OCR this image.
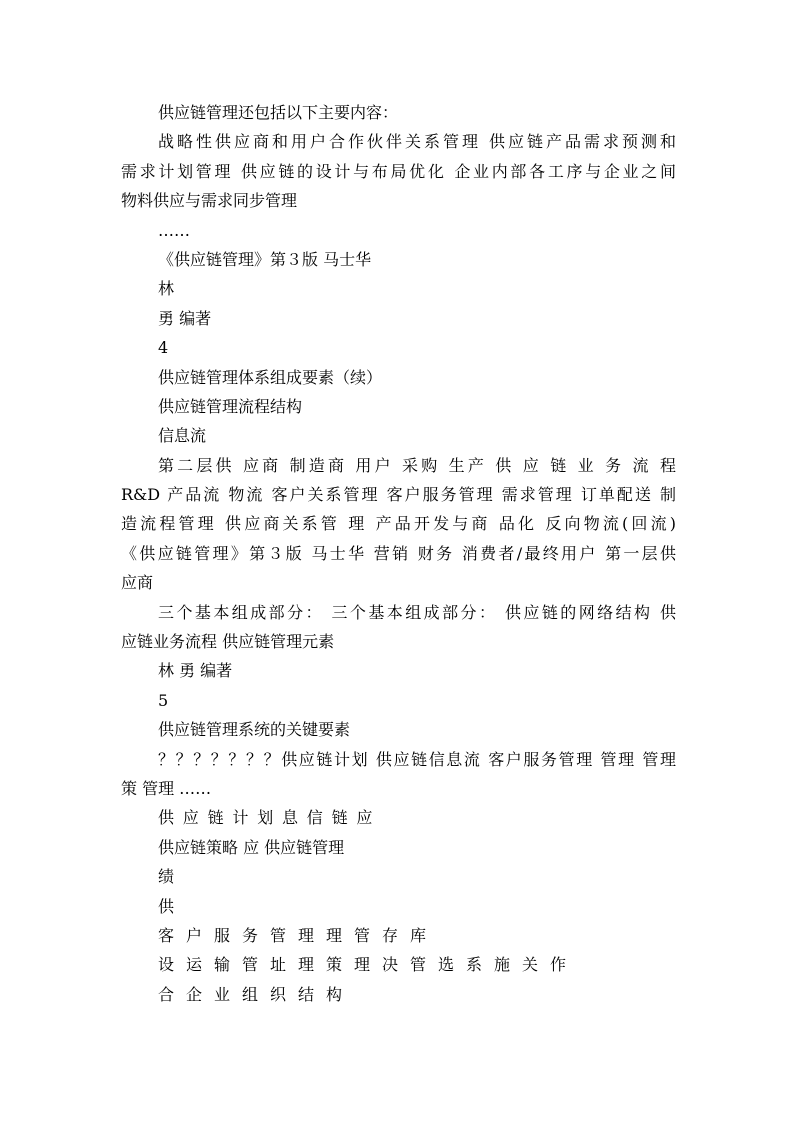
供应链管理还包括以下主要内容：
战略性供应商和用户合作伙伴关系管理 供应链产品需求预测和
需求计划管理 供应链的设计与布局优化 企业内部各工序与企业之间
物料供应与需求同步管理
……
《供应链管理》第３版 马士华
林
勇 编著
4
供应链管理体系组成要素（续）
供应链管理流程结构
信息流
第二层供 应商 制造商 用户 采购 生产 供 应 链 业 务 流 程
R&D 产品流 物流 客户关系管理 客户服务管理 需求管理 订单配送 制
造流程管理 供应商关系管 理 产品开发与商 品化 反向物流(回流)
《供应链管理》第３版 马士华 营销 财务 消费者/最终用户 第一层供
应商
三个基本组成部分： 三个基本组成部分： 供应链的网络结构 供
应链业务流程 供应链管理元素
林 勇 编著
5
供应链管理系统的关键要素
？？？？？？？供应链计划 供应链信息流 客户服务管理 管理 管理
策 管理 ……
供应链计划息信链应
供应链策略 应 供应链管理
绩
供
客户服务管理理管存库
设运输管址理策理决管选系施关作
合企业组织结构
